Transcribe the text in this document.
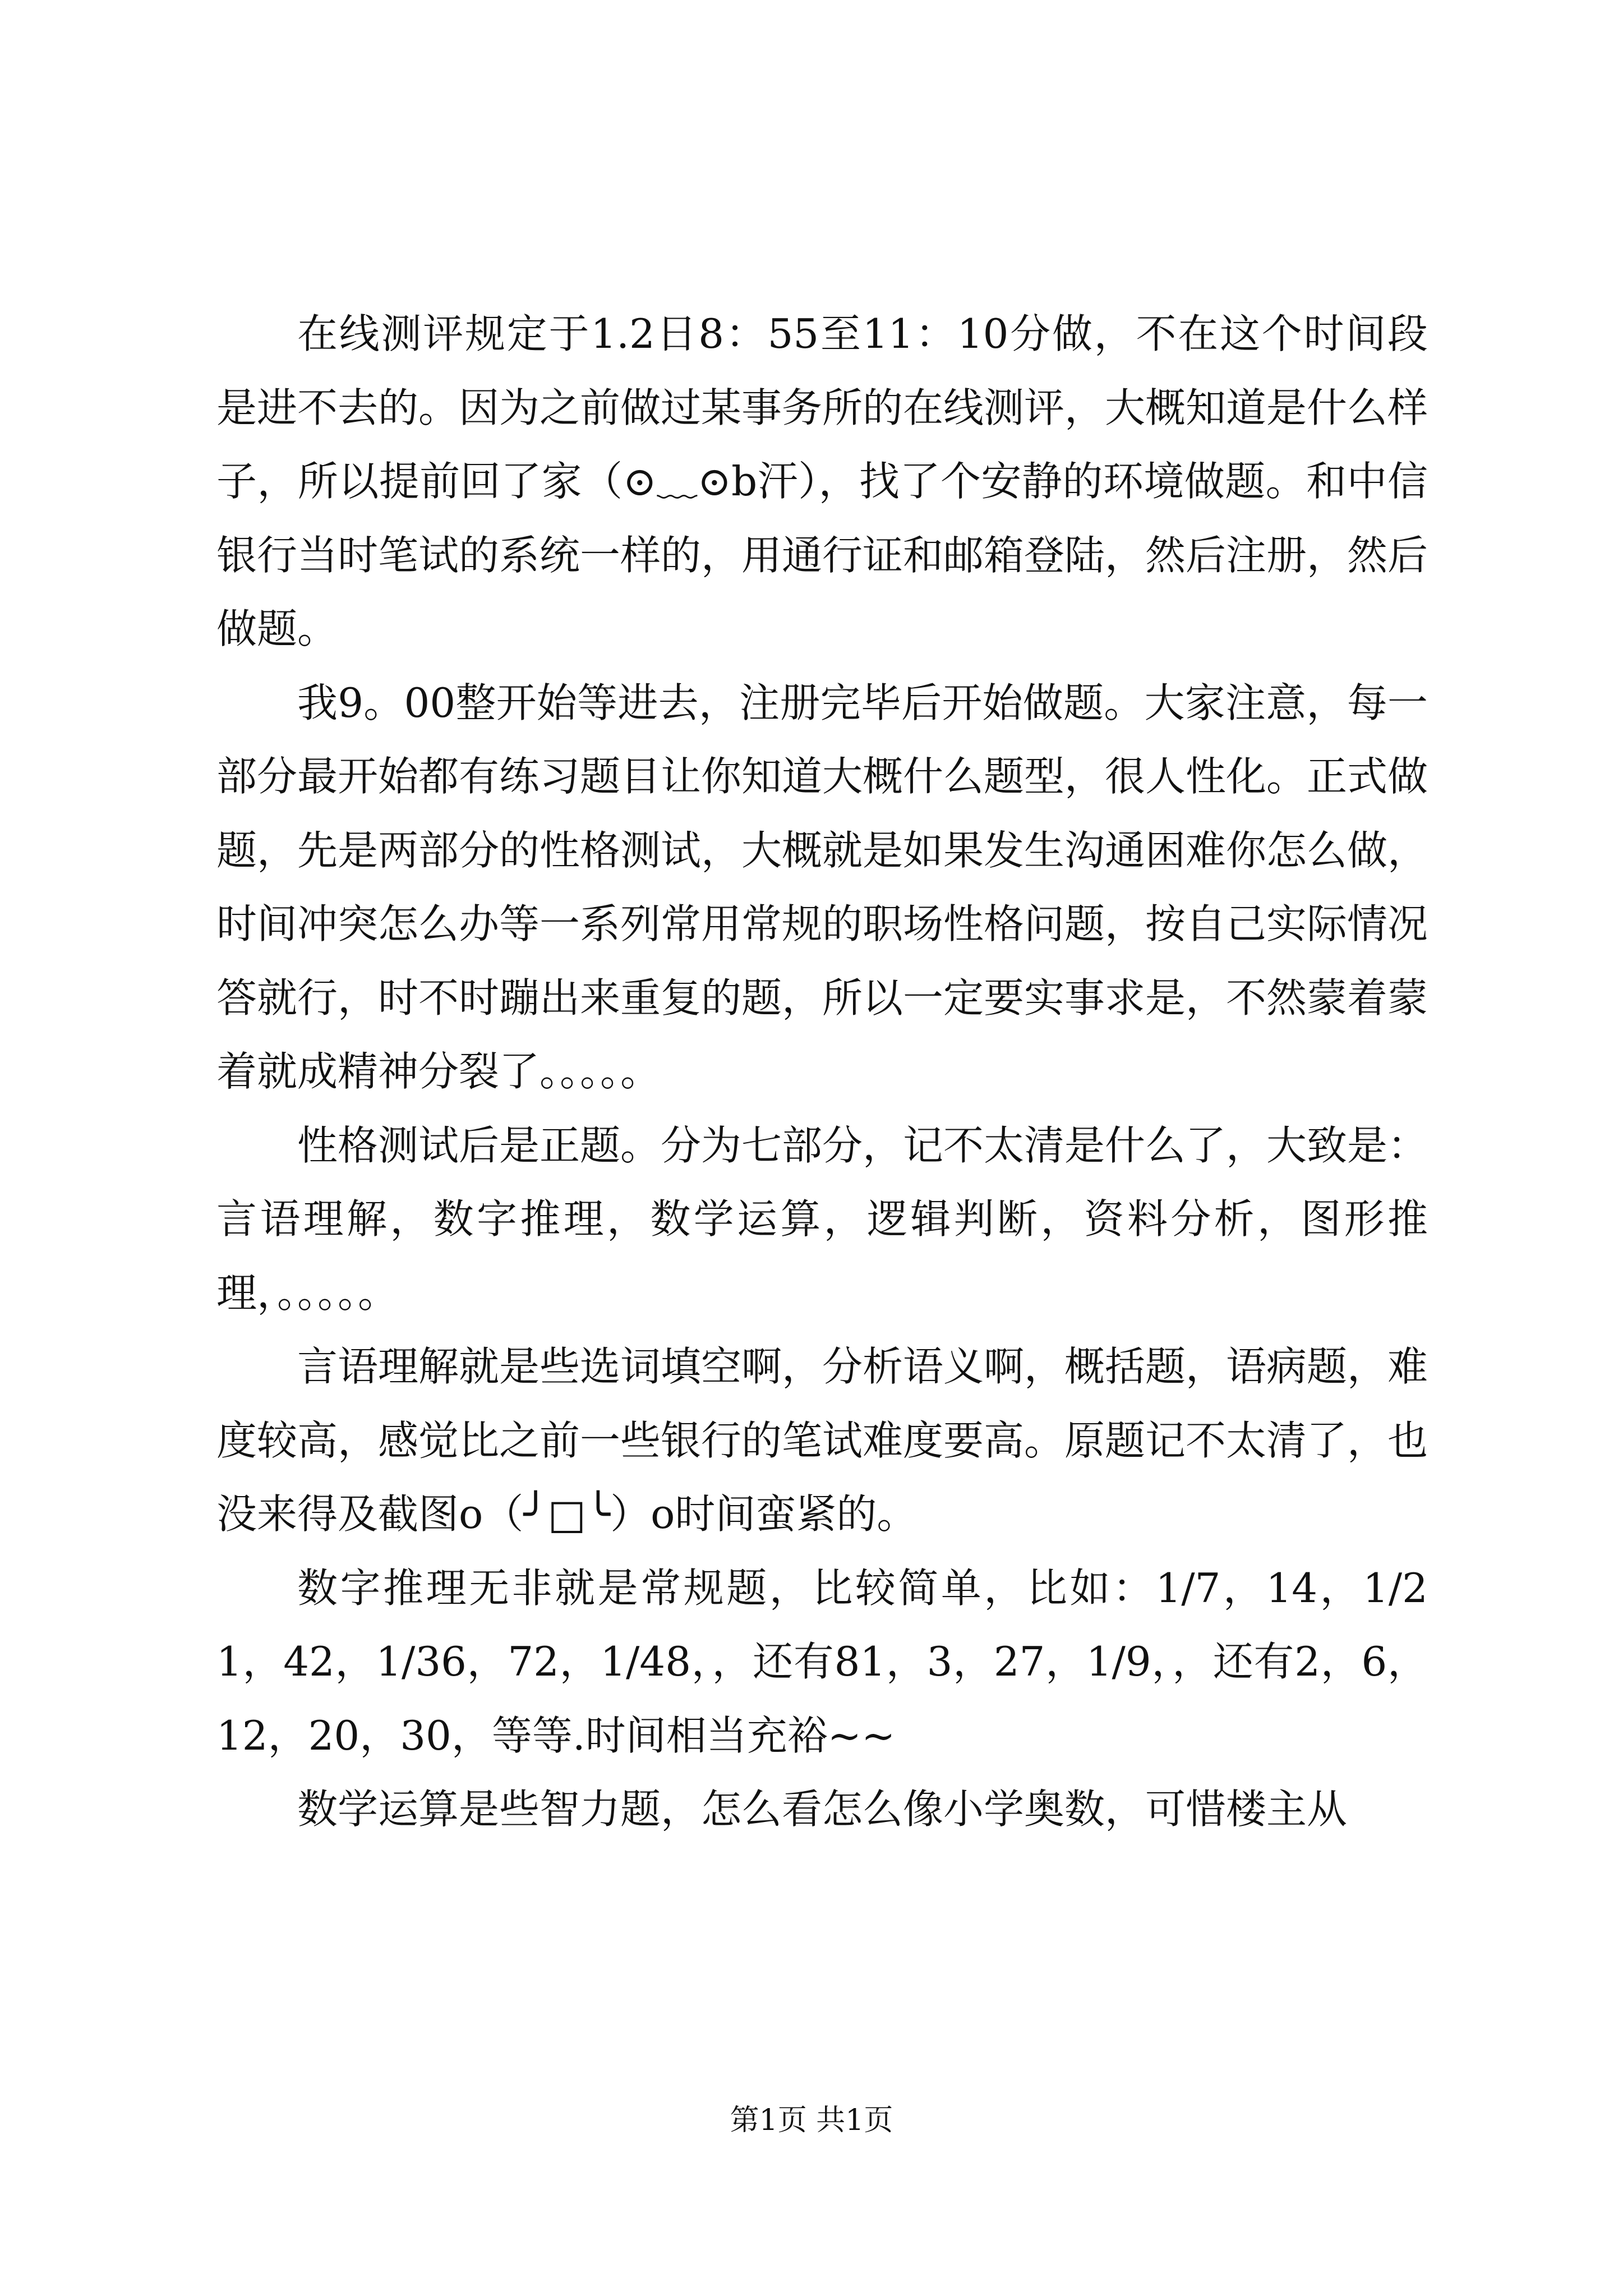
在线测评规定于1.2日8：55至11：10分做，不在这个时间段是进不去的。因为之前做过某事务所的在线测评，大概知道是什么样子，所以提前回了家（⊙﹏⊙b汗），找了个安静的环境做题。和中信银行当时笔试的系统一样的，用通行证和邮箱登陆，然后注册，然后做题。

我9。00整开始等进去，注册完毕后开始做题。大家注意，每一部分最开始都有练习题目让你知道大概什么题型，很人性化。正式做题，先是两部分的性格测试，大概就是如果发生沟通困难你怎么做，时间冲突怎么办等一系列常用常规的职场性格问题，按自己实际情况答就行，时不时蹦出来重复的题，所以一定要实事求是，不然蒙着蒙着就成精神分裂了。。。。。

性格测试后是正题。分为七部分，记不太清是什么了，大致是：言语理解，数字推理，数学运算，逻辑判断，资料分析，图形推理，。。。。。

言语理解就是些选词填空啊，分析语义啊，概括题，语病题，难度较高，感觉比之前一些银行的笔试难度要高。原题记不太清了，也没来得及截图o（╯□╰）o时间蛮紧的。

数字推理无非就是常规题，比较简单，比如：1/7，14，1/21，42，1/36，72，1/48，，还有81，3，27，1/9，，还有2，6，12，20，30，等等.时间相当充裕~~

数学运算是些智力题，怎么看怎么像小学奥数，可惜楼主从

第1页 共1页
